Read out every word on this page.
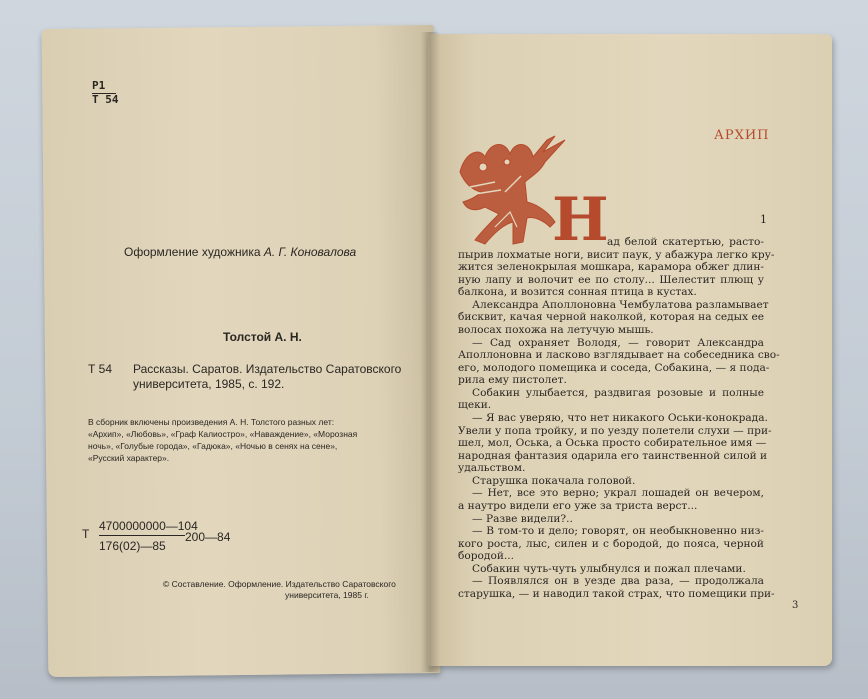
Р1
Т 54
Оформление художника А. Г. Коновалова
Толстой А. Н.
Т 54 Рассказы. Саратов. Издательство Саратовского
университета, 1985, с. 192.
В сборник включены произведения А. Н. Толстого разных лет:
«Архип», «Любовь», «Граф Калиостро», «Наваждение», «Морозная
ночь», «Голубые города», «Гадюка», «Ночью в сенях на сене»,
«Русский характер».
Т
4700000000—104
176(02)—85
200—84
© Составление. Оформление. Издательство Саратовского
университета, 1985 г.
АРХИП
Н	1
ад белой скатертью, расто-
пырив лохматые ноги, висит паук, у абажура легко кру-
жится зеленокрылая мошкара, карамора обжег длин-
ную лапу и волочит ее по столу... Шелестит плющ у
балкона, и возится сонная птица в кустах.
Александра Аполлоновна Чембулатова разламывает
бисквит, качая черной наколкой, которая на седых ее
волосах похожа на летучую мышь.
— Сад охраняет Володя, — говорит Александра
Аполлоновна и ласково взглядывает на собеседника сво-
его, молодого помещика и соседа, Собакина, — я пода-
рила ему пистолет.
Собакин улыбается, раздвигая розовые и полные
щеки.
— Я вас уверяю, что нет никакого Оськи-конокрада.
Увели у попа тройку, и по уезду полетели слухи — при-
шел, мол, Оська, а Оська просто собирательное имя —
народная фантазия одарила его таинственной силой и
удальством.
Старушка покачала головой.
— Нет, все это верно; украл лошадей он вечером,
а наутро видели его уже за триста верст...
— Разве видели?..
— В том-то и дело; говорят, он необыкновенно низ-
кого роста, лыс, силен и с бородой, до пояса, черной
бородой...
Собакин чуть-чуть улыбнулся и пожал плечами.
— Появлялся он в уезде два раза, — продолжала
старушка, — и наводил такой страх, что помещики при-
3
